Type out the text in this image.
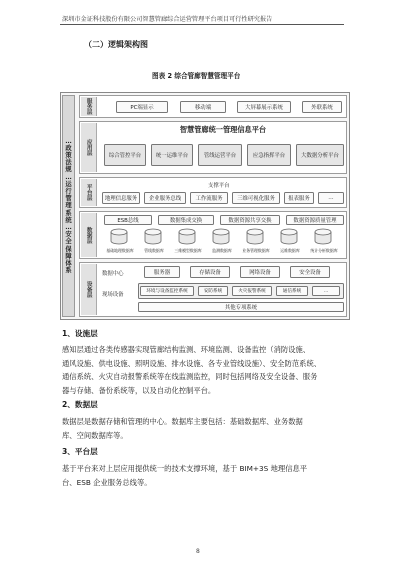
深圳市金证科技股份有限公司智慧管廊综合运营管理平台项目可行性研究报告
（二）逻辑架构图
图表 2 综合管廊智慧管理平台
…
政
策
法
规
…
运
行
管
理
系
统
…
安
全
保
障
体
系
服务层	PC端显示	移动端	大屏幕展示系统	外联系统
应用层
智慧管廊统一管理信息平台
综合管控平台	统一运维平台	管线运营平台	应急指挥平台	大数据分析平台
平台层	支撑平台
地理信息服务	企业服务总线	工作流服务	三维可视化服务	报表服务	…
数据层
ESB总线	数据集成交换	数据资源共享交换	数据资源质量管理
基础地理数据库	管线数据库	三维模型数据库	监测数据库	业务管理数据库	运维数据库	统计分析数据库
设备层
数据中心	服务器	存储设备	网络设备	安全设备
现场设备
环境与设备监控系统	安防系统	火灾报警系统	通信系统	…
其他专项系统
1、设施层
感知层通过各类传感器实现管廊结构监测、环境监测、设备监控（消防设施、
通风设施、供电设施、照明设施、排水设施、各专业管线设施）、安全防范系统、
通信系统、火灾自动报警系统等在线监测监控，同时包括网络及安全设备、服务
器与存储、备份系统等，以及自动化控制平台。
2、数据层
数据层是数据存储和管理的中心。数据库主要包括：基础数据库、业务数据
库、空间数据库等。
3、平台层
基于平台来对上层应用提供统一的技术支撑环境，基于 BIM+3S 地理信息平
台、ESB 企业服务总线等。
8
